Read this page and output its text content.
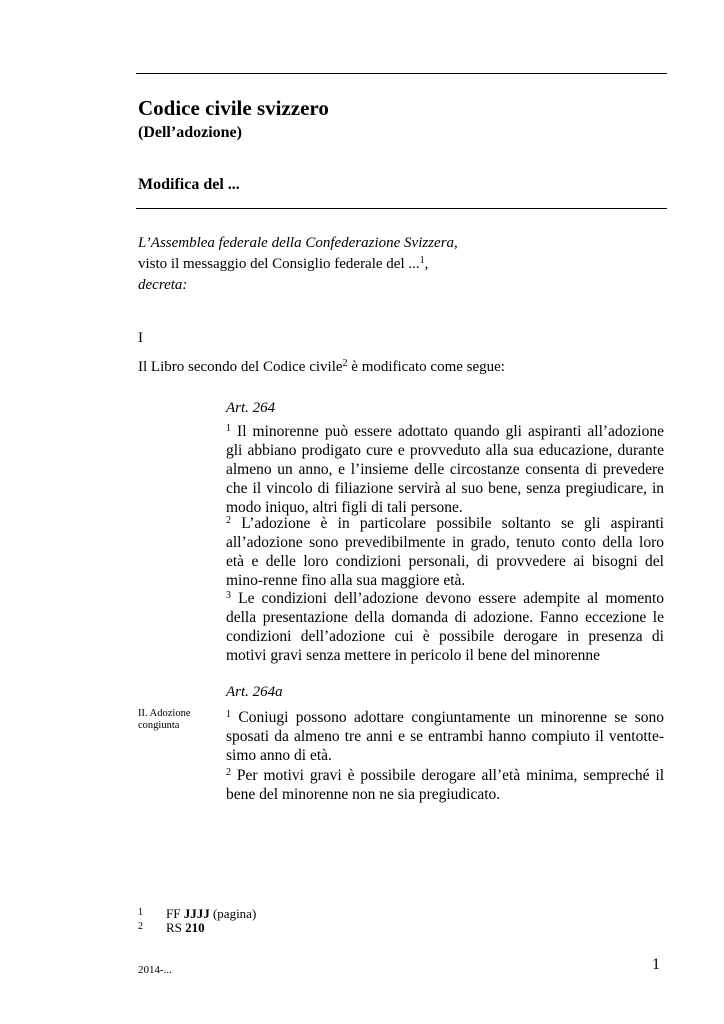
Codice civile svizzero
(Dell’adozione)
Modifica del ...
L’Assemblea federale della Confederazione Svizzera,
visto il messaggio del Consiglio federale del ...$^1$,
decreta:
I
Il Libro secondo del Codice civile$^2$ è modificato come segue:
Art. 264
$^1$ Il minorenne può essere adottato quando gli aspiranti all’adozione gli abbiano prodigato cure e provveduto alla sua educazione, durante almeno un anno, e l’insieme delle circostanze consenta di prevedere che il vincolo di filiazione servirà al suo bene, senza pregiudicare, in modo iniquo, altri figli di tali persone.
$^2$ L’adozione è in particolare possibile soltanto se gli aspiranti all’adozione sono prevedibilmente in grado, tenuto conto della loro età e delle loro condizioni personali, di provvedere ai bisogni del mino-renne fino alla sua maggiore età.
$^3$ Le condizioni dell’adozione devono essere adempite al momento della presentazione della domanda di adozione. Fanno eccezione le condizioni dell’adozione cui è possibile derogare in presenza di motivi gravi senza mettere in pericolo il bene del minorenne
Art. 264a
II. Adozione congiunta
$^1$ Coniugi possono adottare congiuntamente un minorenne se sono sposati da almeno tre anni e se entrambi hanno compiuto il ventotte-simo anno di età.
$^2$ Per motivi gravi è possibile derogare all’età minima, sempreché il bene del minorenne non ne sia pregiudicato.
1 FF JJJJ (pagina)
2 RS 210
2014-...	1
